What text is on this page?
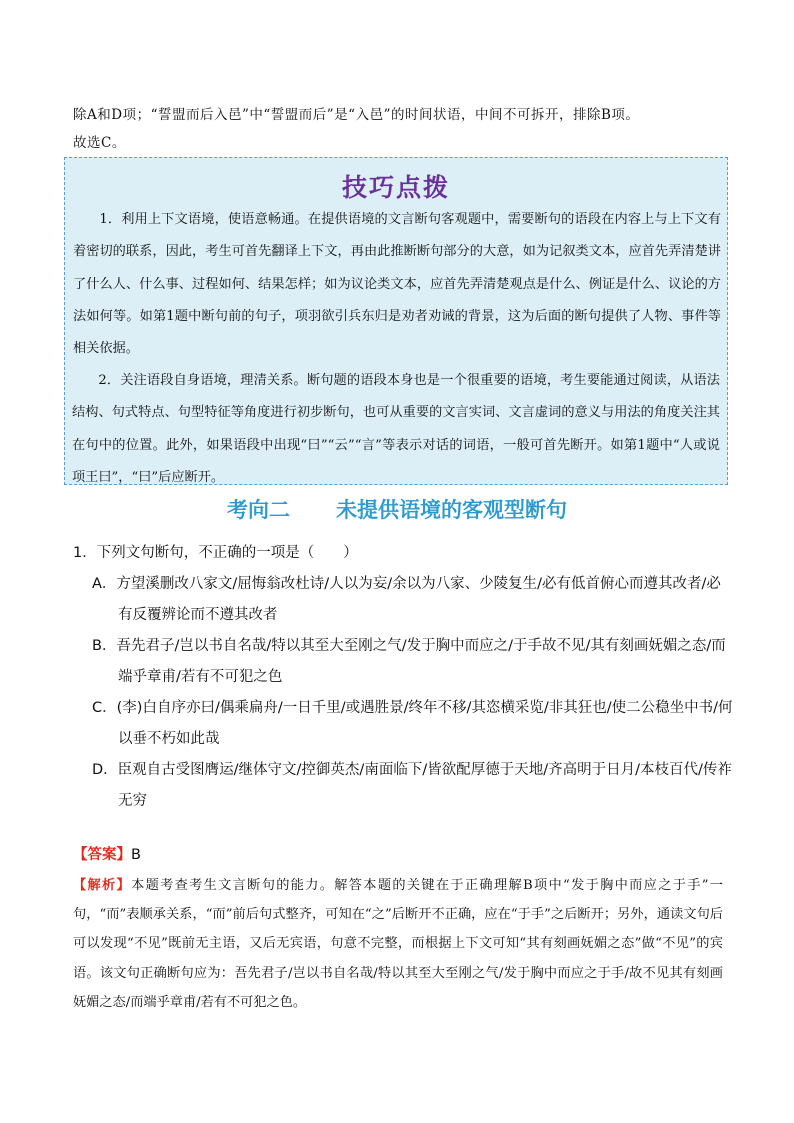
除A和D项；“誓盟而后入邑”中“誓盟而后”是“入邑”的时间状语，中间不可拆开，排除B项。

故选C。

技巧点拨

1．利用上下文语境，使语意畅通。在提供语境的文言断句客观题中，需要断句的语段在内容上与上下文有着密切的联系，因此，考生可首先翻译上下文，再由此推断断句部分的大意，如为记叙类文本，应首先弄清楚讲了什么人、什么事、过程如何、结果怎样；如为议论类文本，应首先弄清楚观点是什么、例证是什么、议论的方法如何等。如第1题中断句前的句子，项羽欲引兵东归是劝者劝诫的背景，这为后面的断句提供了人物、事件等相关依据。

2．关注语段自身语境，理清关系。断句题的语段本身也是一个很重要的语境，考生要能通过阅读，从语法结构、句式特点、句型特征等角度进行初步断句，也可从重要的文言实词、文言虚词的意义与用法的角度关注其在句中的位置。此外，如果语段中出现“曰”“云”“言”等表示对话的词语，一般可首先断开。如第1题中“人或说项王曰”，“曰”后应断开。

考向二 未提供语境的客观型断句

1．下列文句断句，不正确的一项是（　　）

A．方望溪删改八家文/屈悔翁改杜诗/人以为妄/余以为八家、少陵复生/必有低首俯心而遵其改者/必有反覆辨论而不遵其改者

B．吾先君子/岂以书自名哉/特以其至大至刚之气/发于胸中而应之/于手故不见/其有刻画妩媚之态/而端乎章甫/若有不可犯之色

C．(李)白自序亦曰/偶乘扁舟/一日千里/或遇胜景/终年不移/其恣横采览/非其狂也/使二公稳坐中书/何以垂不朽如此哉

D．臣观自古受图膺运/继体守文/控御英杰/南面临下/皆欲配厚德于天地/齐高明于日月/本枝百代/传祚无穷

【答案】B

【解析】本题考查考生文言断句的能力。解答本题的关键在于正确理解B项中“发于胸中而应之于手”一句，“而”表顺承关系，“而”前后句式整齐，可知在“之”后断开不正确，应在“于手”之后断开；另外，通读文句后可以发现“不见”既前无主语，又后无宾语，句意不完整，而根据上下文可知“其有刻画妩媚之态”做“不见”的宾语。该文句正确断句应为：吾先君子/岂以书自名哉/特以其至大至刚之气/发于胸中而应之于手/故不见其有刻画妩媚之态/而端乎章甫/若有不可犯之色。
